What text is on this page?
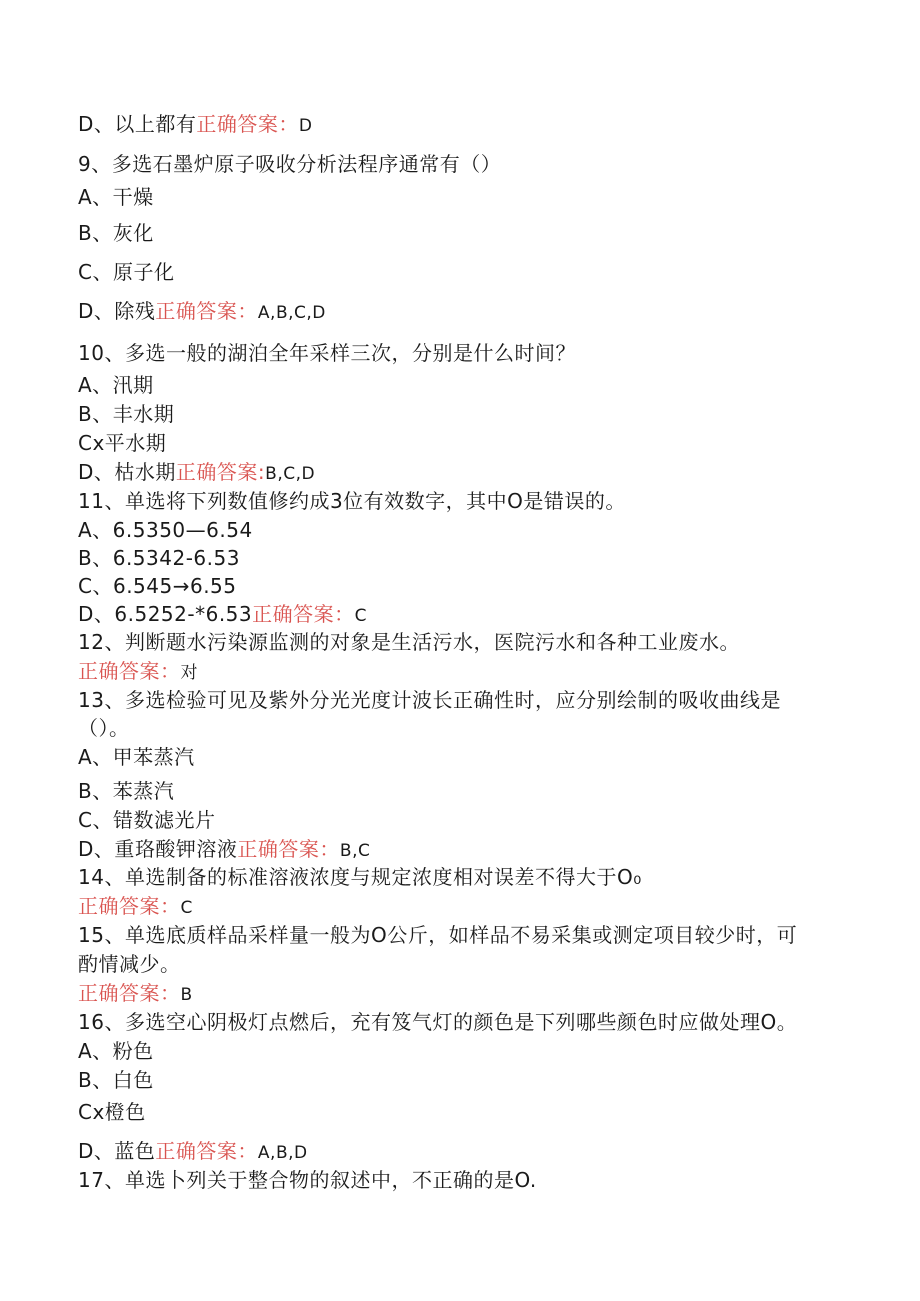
D、以上都有正确答案：D
9、多选石墨炉原子吸收分析法程序通常有（）
A、干燥
B、灰化
C、原子化
D、除残正确答案：A,B,C,D
10、多选一般的湖泊全年采样三次，分别是什么时间？
A、汛期
B、丰水期
Cx平水期
D、枯水期正确答案:B,C,D
11、单选将下列数值修约成3位有效数字，其中O是错误的。
A、6.5350—6.54
B、6.5342-6.53
C、6.545→6.55
D、6.5252-*6.53正确答案：C
12、判断题水污染源监测的对象是生活污水，医院污水和各种工业废水。
正确答案：对
13、多选检验可见及紫外分光光度计波长正确性时，应分别绘制的吸收曲线是
（）。
A、甲苯蒸汽
B、苯蒸汽
C、错数滤光片
D、重珞酸钾溶液正确答案：B,C
14、单选制备的标准溶液浓度与规定浓度相对误差不得大于O₀
正确答案：C
15、单选底质样品采样量一般为O公斤，如样品不易采集或测定项目较少时，可
酌情减少。
正确答案：B
16、多选空心阴极灯点燃后，充有笈气灯的颜色是下列哪些颜色时应做处理O。
A、粉色
B、白色
Cx橙色
D、蓝色正确答案：A,B,D
17、单选卜列关于整合物的叙述中，不正确的是O.
